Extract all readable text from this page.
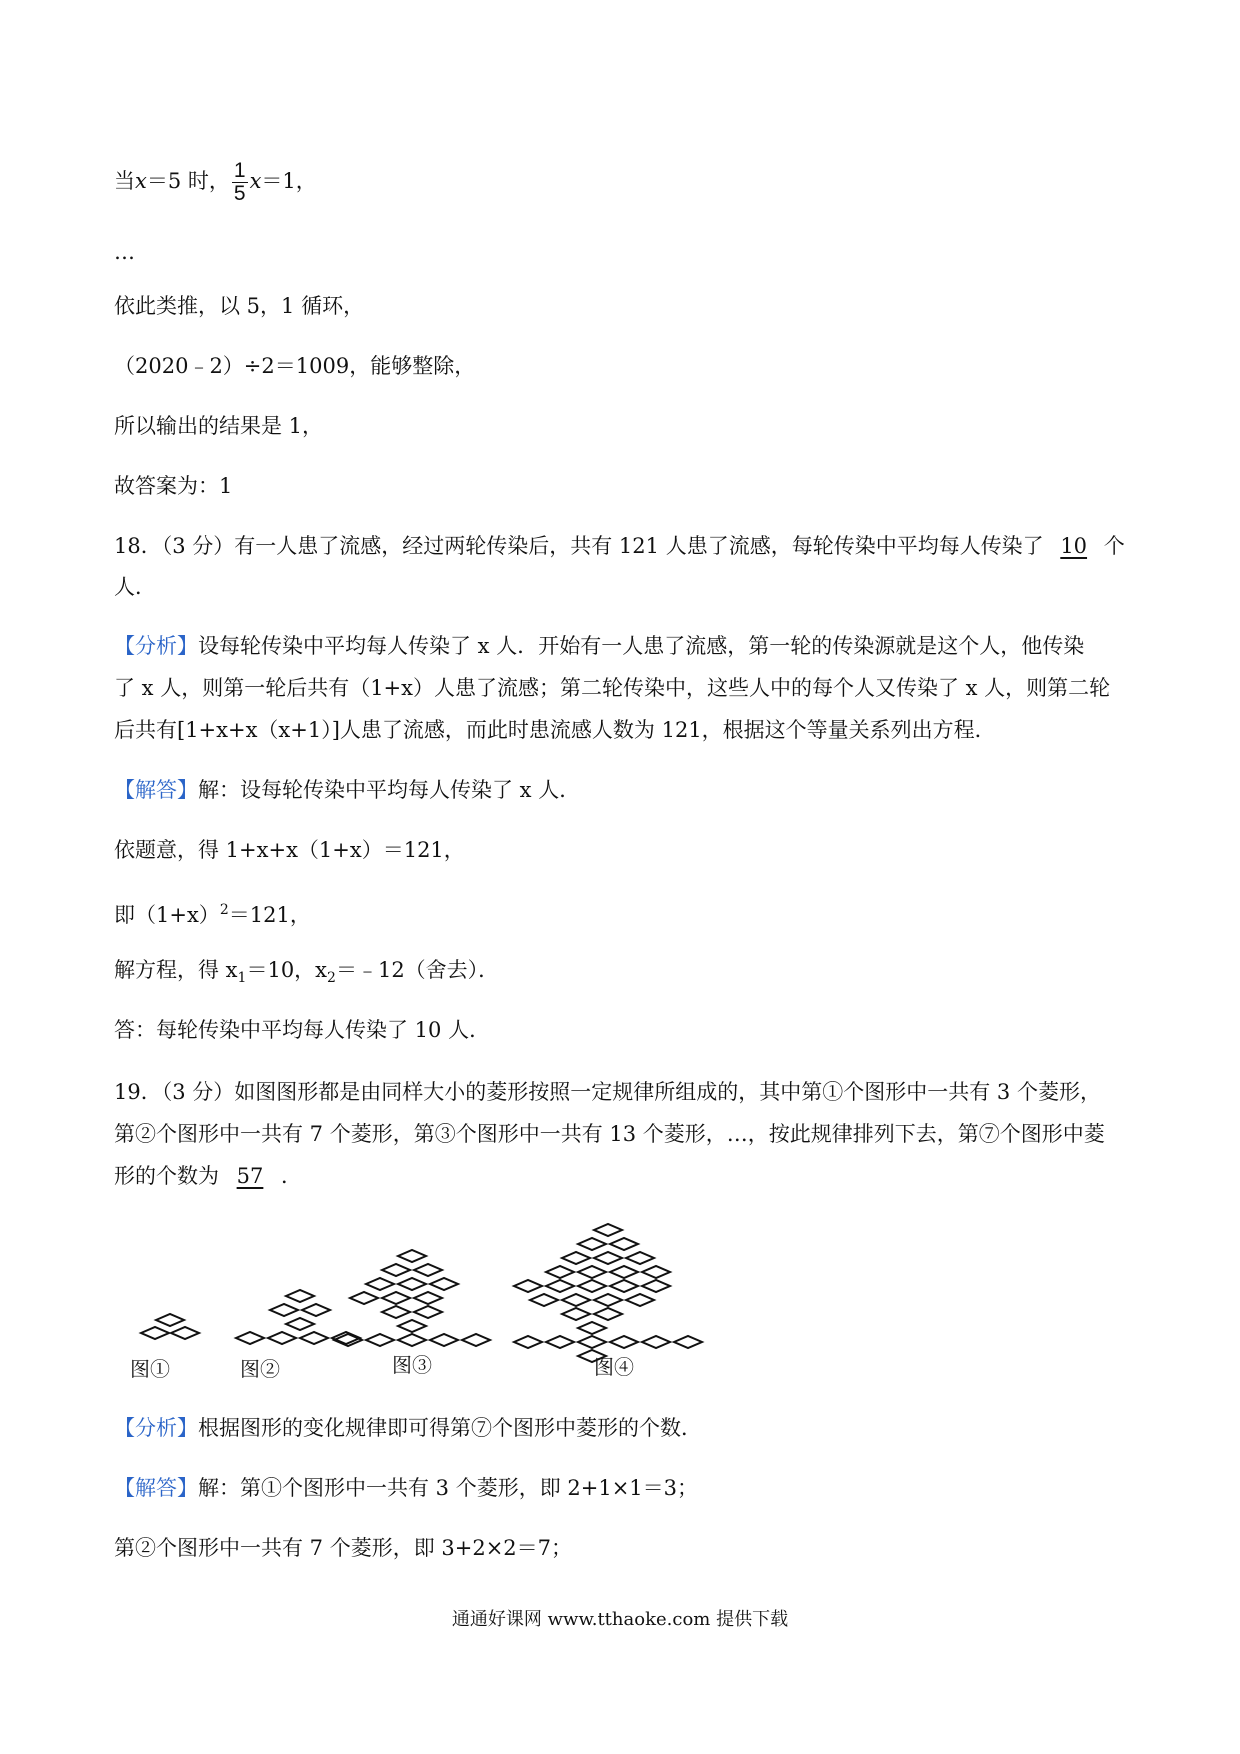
当x＝5 时， $\frac{1}{5} x=1$，
…
依此类推，以 5，1 循环，
（2020﹣2）÷2＝1009，能够整除，
所以输出的结果是 1，
故答案为：1
18．（3 分）有一人患了流感，经过两轮传染后，共有 121 人患了流感，每轮传染中平均每人传染了 10 个
人．
【分析】设每轮传染中平均每人传染了 x 人．开始有一人患了流感，第一轮的传染源就是这个人，他传染
了 x 人，则第一轮后共有（1+x）人患了流感；第二轮传染中，这些人中的每个人又传染了 x 人，则第二轮
后共有[1+x+x（x+1）]人患了流感，而此时患流感人数为 121，根据这个等量关系列出方程．
【解答】解：设每轮传染中平均每人传染了 x 人．
依题意，得 1+x+x（1+x）＝121，
即$(1+x)^2=121$，
解方程，得 $x_1=10$，$x_2=﹣12$（舍去）．
答：每轮传染中平均每人传染了 10 人．
19．（3 分）如图图形都是由同样大小的菱形按照一定规律所组成的，其中第①个图形中一共有 3 个菱形，
第②个图形中一共有 7 个菱形，第③个图形中一共有 13 个菱形，…，按此规律排列下去，第⑦个图形中菱
形的个数为 57 ．
图①	图②	图③	图④
【分析】根据图形的变化规律即可得第⑦个图形中菱形的个数．
【解答】解：第①个图形中一共有 3 个菱形，即 2+1×1＝3；
第②个图形中一共有 7 个菱形，即 3+2×2＝7；
通通好课网 www.tthaoke.com 提供下载
